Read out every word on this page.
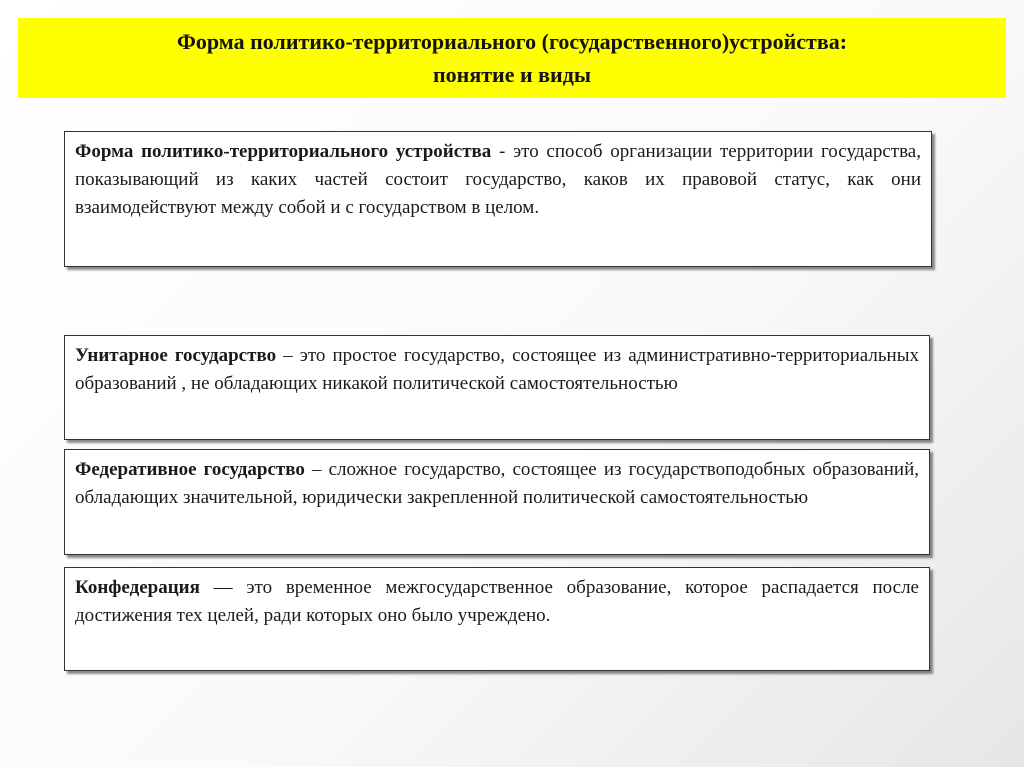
Форма политико-территориального (государственного)устройства:
понятие и виды
Форма политико-территориального устройства - это способ организации территории государства, показывающий из каких частей состоит государство, каков их правовой статус, как они взаимодействуют между собой и с государством в целом.
Унитарное государство – это простое государство, состоящее из административно-территориальных образований , не обладающих никакой политической самостоятельностью
Федеративное государство – сложное государство, состоящее из государствоподобных образований, обладающих значительной, юридически закрепленной политической самостоятельностью
Конфедерация — это временное межгосударственное образование, которое распадается после достижения тех целей, ради которых оно было учреждено.
